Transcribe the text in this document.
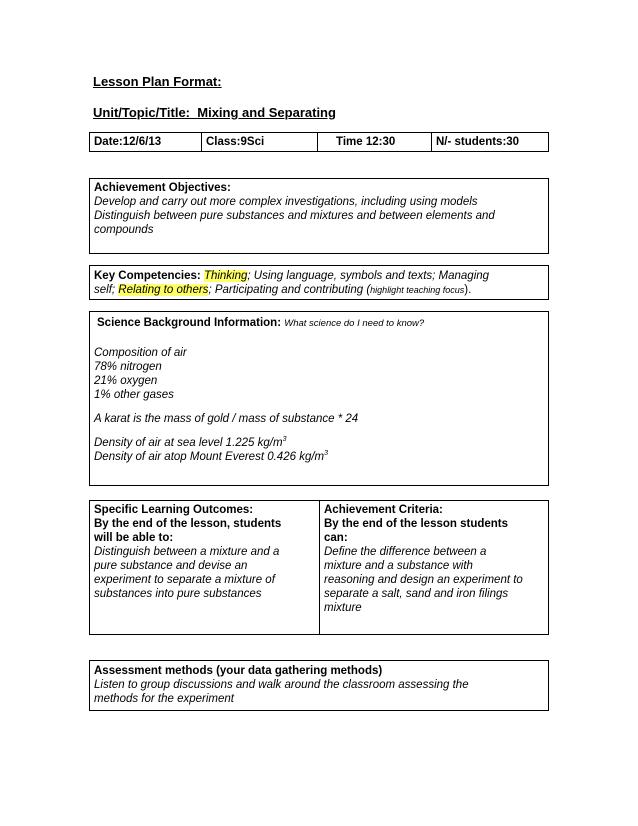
Lesson Plan Format:
Unit/Topic/Title: Mixing and Separating
Date:12/6/13	Class:9Sci	Time 12:30	N/- students:30
Achievement Objectives:
Develop and carry out more complex investigations, including using models
Distinguish between pure substances and mixtures and between elements and
compounds
Key Competencies: Thinking; Using language, symbols and texts; Managing
self; Relating to others; Participating and contributing (highlight teaching focus).
Science Background Information: What science do I need to know?
Composition of air
78% nitrogen
21% oxygen
1% other gases
A karat is the mass of gold / mass of substance * 24
Density of air at sea level 1.225 $kg/m^3$
Density of air atop Mount Everest 0.426 $kg/m^3$
Specific Learning Outcomes:
By the end of the lesson, students
will be able to:
Distinguish between a mixture and a
pure substance and devise an
experiment to separate a mixture of
substances into pure substances
Achievement Criteria:
By the end of the lesson students
can:
Define the difference between a
mixture and a substance with
reasoning and design an experiment to
separate a salt, sand and iron filings
mixture
Assessment methods (your data gathering methods)
Listen to group discussions and walk around the classroom assessing the
methods for the experiment
